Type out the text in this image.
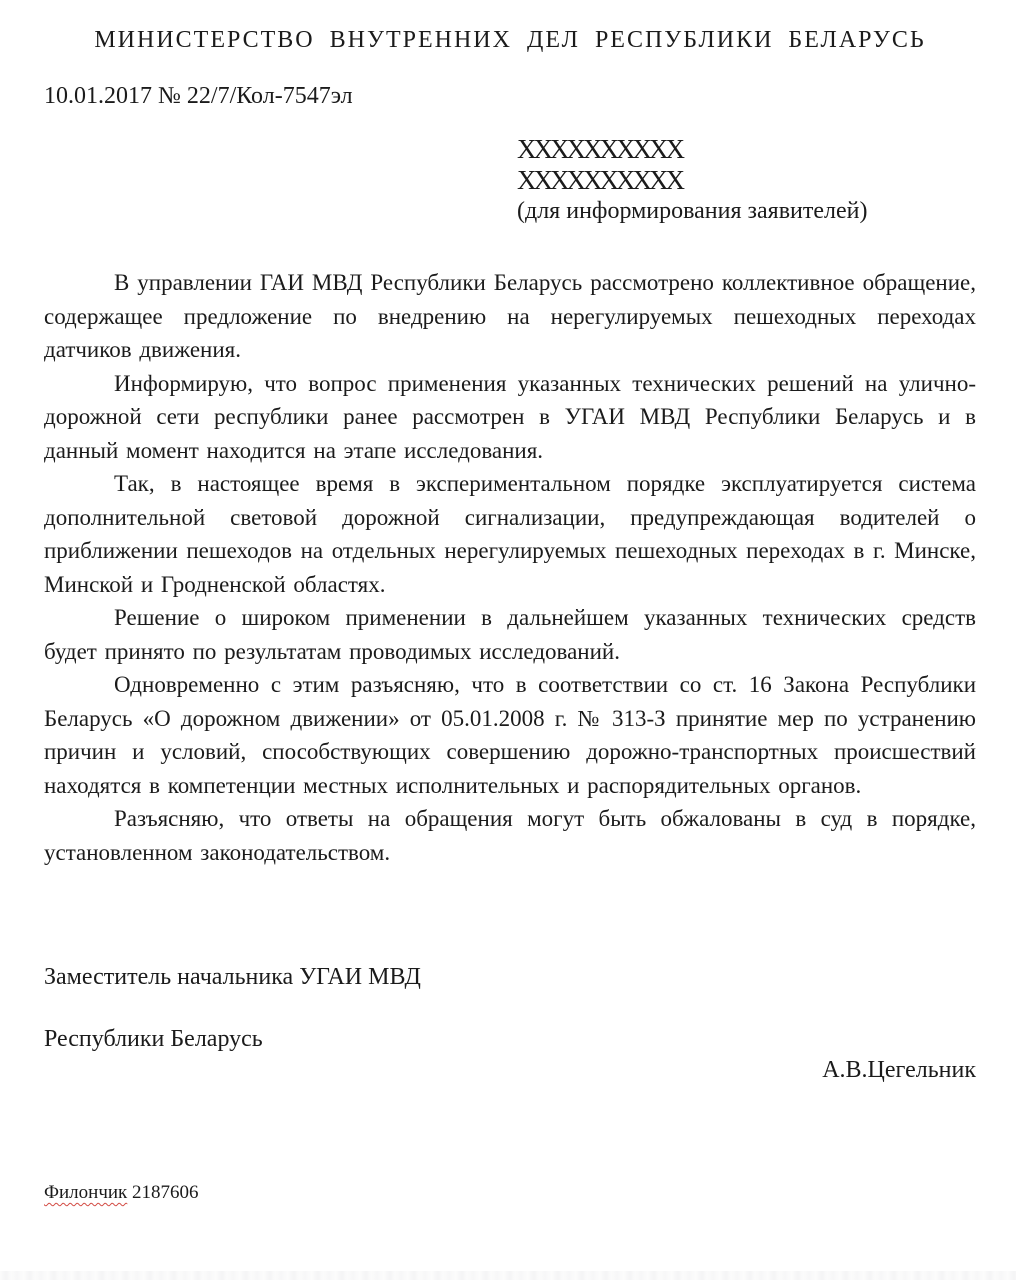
МИНИСТЕРСТВО ВНУТРЕННИХ ДЕЛ РЕСПУБЛИКИ БЕЛАРУСЬ
10.01.2017 № 22/7/Кол-7547эл
ХХХХХХХХХХ
ХХХХХХХХХХ
(для информирования заявителей)

В управлении ГАИ МВД Республики Беларусь рассмотрено коллективное обращение, содержащее предложение по внедрению на нерегулируемых пешеходных переходах датчиков движения.

Информирую, что вопрос применения указанных технических решений на улично-дорожной сети республики ранее рассмотрен в УГАИ МВД Республики Беларусь и в данный момент находится на этапе исследования.

Так, в настоящее время в экспериментальном порядке эксплуатируется система дополнительной световой дорожной сигнализации, предупреждающая водителей о приближении пешеходов на отдельных нерегулируемых пешеходных переходах в г. Минске, Минской и Гродненской областях.

Решение о широком применении в дальнейшем указанных технических средств будет принято по результатам проводимых исследований.

Одновременно с этим разъясняю, что в соответствии со ст. 16 Закона Республики Беларусь «О дорожном движении» от 05.01.2008 г. № 313-З принятие мер по устранению причин и условий, способствующих совершению дорожно-транспортных происшествий находятся в компетенции местных исполнительных и распорядительных органов.

Разъясняю, что ответы на обращения могут быть обжалованы в суд в порядке, установленном законодательством.

Заместитель начальника УГАИ МВД

Республики Беларусь

А.В.Цегельник
Филончик 2187606
